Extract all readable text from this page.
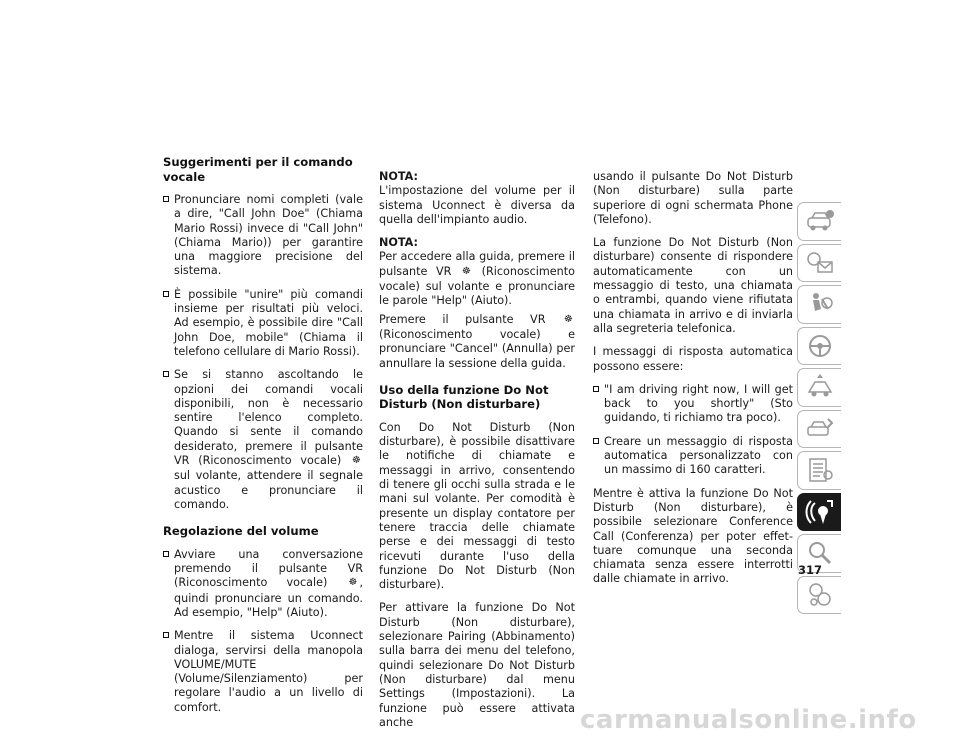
Suggerimenti per il comando vocale
Pronunciare nomi completi (vale a dire, "Call John Doe" (Chiama Mario Rossi) invece di "Call John" (Chiama Mario)) per garantire una maggiore precisione del sistema.
È possibile "unire" più comandi insieme per risultati più veloci. Ad esempio, è possibile dire "Call John Doe, mobile" (Chiama il telefono cellulare di Mario Rossi).
Se si stanno ascoltando le opzioni dei comandi vocali disponibili, non è necessario sentire l'elenco completo. Quando si sente il comando desiderato, premere il pulsante VR (Riconoscimento vocale) ☸sul volante, attendere il segnale acustico e pronunciare il comando.
Regolazione del volume
Avviare una conversazione premendo il pulsante VR (Riconoscimento vocale) ☸ , quindi pronunciare un comando. Ad esempio, "Help" (Aiuto).
Mentre il sistema Uconnect dialoga, servirsi della manopola VOLUME/MUTE (Volume/Silenziamento) per regolare l'audio a un livello di comfort.
NOTA:

L'impostazione del volume per il sistema Uconnect è diversa da quella dell'impianto audio.

NOTA:

Per accedere alla guida, premere il pulsante VR ☸ (Riconoscimento vocale) sul volante e pronunciare le parole "Help" (Aiuto).

Premere il pulsante VR ☸ (Riconoscimento vocale) e pronunciare "Cancel" (Annulla) per annullare la sessione della guida.

Uso della funzione Do Not Disturb (Non disturbare)

Con Do Not Disturb (Non disturbare), è possibile disattivare le notifiche di chiamate e messaggi in arrivo, consentendo di tenere gli occhi sulla strada e le mani sul volante. Per comodità è presente un display contatore per tenere traccia delle chiamate perse e dei messaggi di testo ricevuti durante l'uso della funzione Do Not Disturb (Non disturbare).

Per attivare la funzione Do Not Disturb (Non disturbare), selezionare Pairing (Abbinamento) sulla barra dei menu del telefono, quindi selezionare Do Not Disturb (Non disturbare) dal menu Settings (Impostazioni). La funzione può essere attivata anche

usando il pulsante Do Not Disturb (Non disturbare) sulla parte superiore di ogni schermata Phone (Telefono).

La funzione Do Not Disturb (Non disturbare) consente di rispondere automaticamente con un messaggio di testo, una chiamata o entrambi, quando viene rifiutata una chiamata in arrivo e di inviarla alla segreteria telefonica.

I messaggi di risposta automatica possono essere:

"I am driving right now, I will get back to you shortly" (Sto guidando, ti richiamo tra poco).
Creare un messaggio di risposta automatica personalizzato con un massimo di 160 caratteri.

Mentre è attiva la funzione Do Not Disturb (Non disturbare), è possibile selezionare Conference Call (Conferenza) per poter effettuare comunque una seconda chiamata senza essere interrotti dalle chiamate in arrivo.

317
carmanualsonline.info
